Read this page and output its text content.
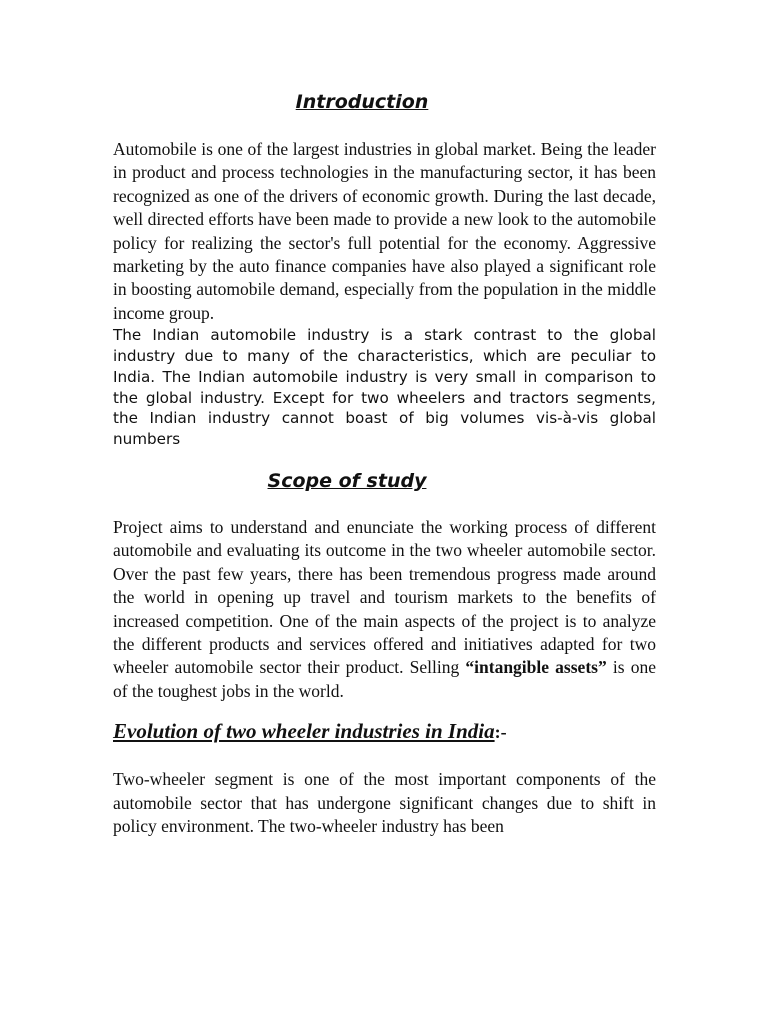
Introduction

Automobile is one of the largest industries in global market. Being the leader in product and process technologies in the manufacturing sector, it has been recognized as one of the drivers of economic growth. During the last decade, well directed efforts have been made to provide a new look to the automobile policy for realizing the sector's full potential for the economy. Aggressive marketing by the auto finance companies have also played a significant role in boosting automobile demand, especially from the population in the middle income group.

The Indian automobile industry is a stark contrast to the global industry due to many of the characteristics, which are peculiar to India. The Indian automobile industry is very small in comparison to the global industry. Except for two wheelers and tractors segments, the Indian industry cannot boast of big volumes vis-à-vis global numbers

Scope of study

Project aims to understand and enunciate the working process of different automobile and evaluating its outcome in the two wheeler automobile sector. Over the past few years, there has been tremendous progress made around the world in opening up travel and tourism markets to the benefits of increased competition. One of the main aspects of the project is to analyze the different products and services offered and initiatives adapted for two wheeler automobile sector their product. Selling “intangible assets” is one of the toughest jobs in the world.

Evolution of two wheeler industries in India:-

Two-wheeler segment is one of the most important components of the automobile sector that has undergone significant changes due to shift in policy environment. The two-wheeler industry has been
